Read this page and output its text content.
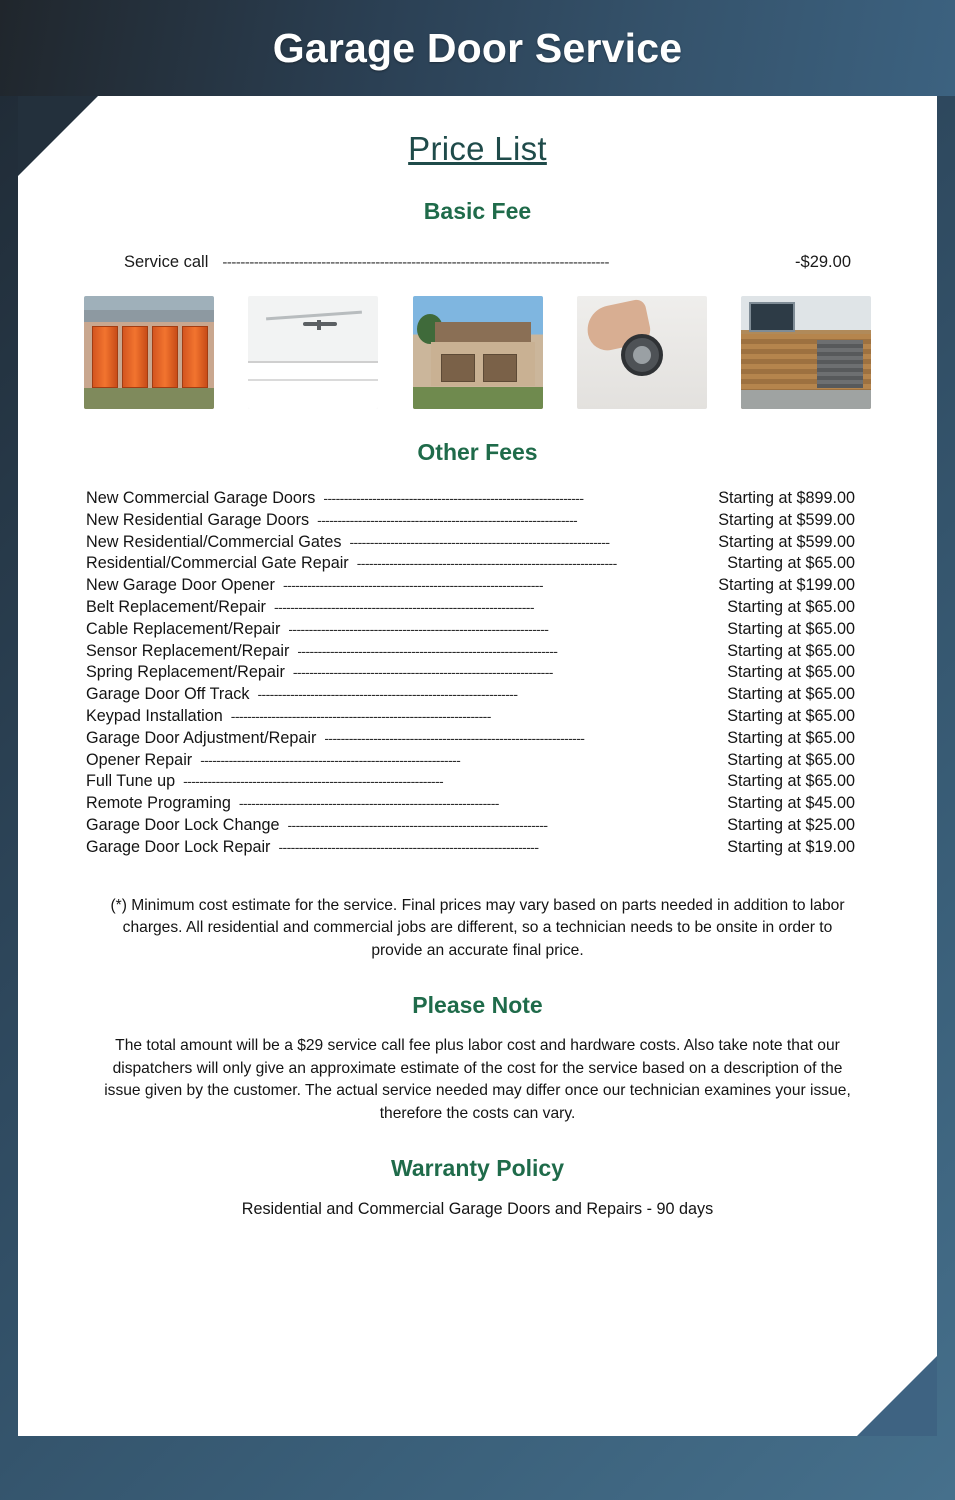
Garage Door Service
Price List
Basic Fee
Service call --------------------------------------------------------------------------------------	-$29.00
Other Fees
New Commercial Garage Doors ----------------------------------------------------------------	Starting at $899.00
New Residential Garage Doors ----------------------------------------------------------------	Starting at $599.00
New Residential/Commercial Gates ----------------------------------------------------------------	Starting at $599.00
Residential/Commercial Gate Repair ----------------------------------------------------------------	Starting at $65.00
New Garage Door Opener ----------------------------------------------------------------	Starting at $199.00
Belt Replacement/Repair ----------------------------------------------------------------	Starting at $65.00
Cable Replacement/Repair ----------------------------------------------------------------	Starting at $65.00
Sensor Replacement/Repair ----------------------------------------------------------------	Starting at $65.00
Spring Replacement/Repair ----------------------------------------------------------------	Starting at $65.00
Garage Door Off Track ----------------------------------------------------------------	Starting at $65.00
Keypad Installation ----------------------------------------------------------------	Starting at $65.00
Garage Door Adjustment/Repair ----------------------------------------------------------------	Starting at $65.00
Opener Repair ----------------------------------------------------------------	Starting at $65.00
Full Tune up ----------------------------------------------------------------	Starting at $65.00
Remote Programing ----------------------------------------------------------------	Starting at $45.00
Garage Door Lock Change ----------------------------------------------------------------	Starting at $25.00
Garage Door Lock Repair ----------------------------------------------------------------	Starting at $19.00

(*) Minimum cost estimate for the service. Final prices may vary based on parts needed in addition to labor charges. All residential and commercial jobs are different, so a technician needs to be onsite in order to provide an accurate final price.

Please Note

The total amount will be a $29 service call fee plus labor cost and hardware costs. Also take note that our dispatchers will only give an approximate estimate of the cost for the service based on a description of the issue given by the customer. The actual service needed may differ once our technician examines your issue, therefore the costs can vary.

Warranty Policy

Residential and Commercial Garage Doors and Repairs - 90 days
